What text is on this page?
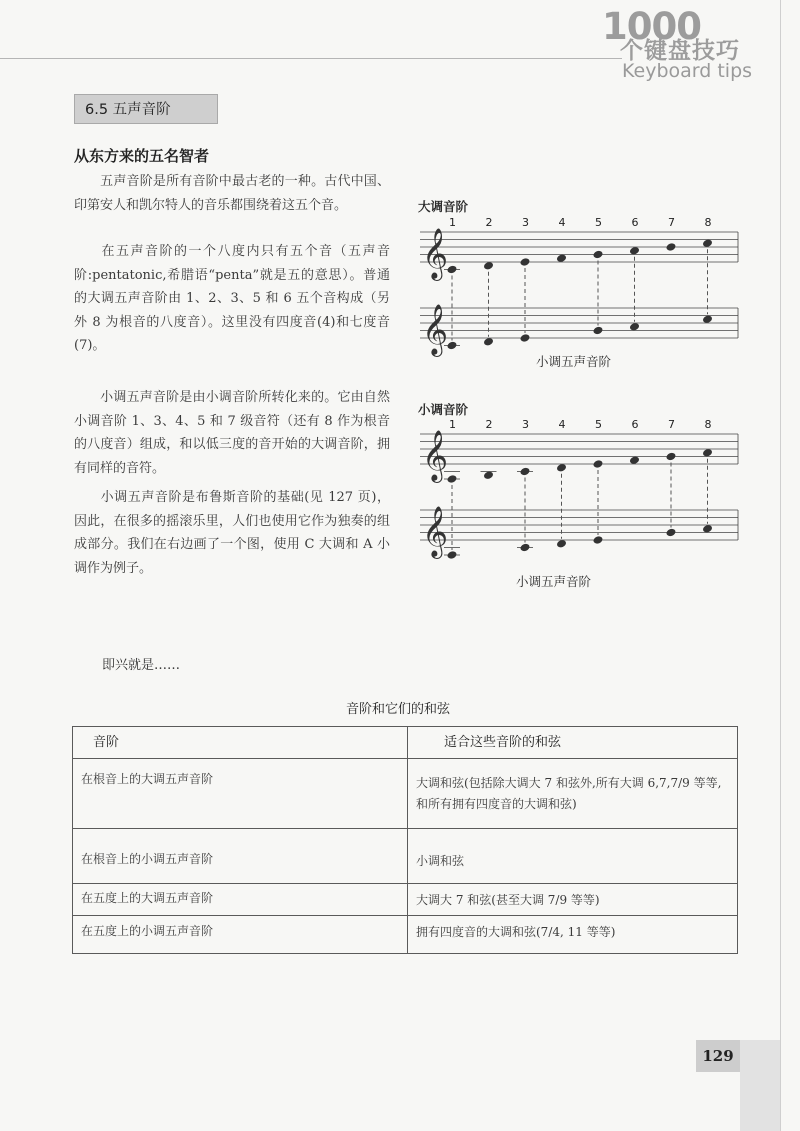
1000
个键盘技巧
Keyboard tips
6.5 五声音阶
从东方来的五名智者
五声音阶是所有音阶中最古老的一种。古代中国、印第安人和凯尔特人的音乐都围绕着这五个音。
在五声音阶的一个八度内只有五个音（五声音阶:pentatonic,希腊语“penta”就是五的意思）。普通的大调五声音阶由 1、2、3、5 和 6 五个音构成（另外 8 为根音的八度音）。这里没有四度音(4)和七度音(7)。
小调五声音阶是由小调音阶所转化来的。它由自然小调音阶 1、3、4、5 和 7 级音符（还有 8 作为根音的八度音）组成，和以低三度的音开始的大调音阶，拥有同样的音符。
小调五声音阶是布鲁斯音阶的基础(见 127 页)，因此，在很多的摇滚乐里，人们也使用它作为独奏的组成部分。我们在右边画了一个图，使用 C 大调和 A 小调作为例子。
大调音阶
1	2	3	4	5	6	7	8
𝄞
𝄞
小调五声音阶
小调音阶
1	2	3	4	5	6	7	8
𝄞
𝄞
小调五声音阶
即兴就是……
音阶和它们的和弦
音阶	适合这些音阶的和弦
在根音上的大调五声音阶	大调和弦(包括除大调大 7 和弦外,所有大调 6,7,7/9 等等,和所有拥有四度音的大调和弦)
在根音上的小调五声音阶	小调和弦
在五度上的大调五声音阶	大调大 7 和弦(甚至大调 7/9 等等)
在五度上的小调五声音阶	拥有四度音的大调和弦(7/4, 11 等等)
129
